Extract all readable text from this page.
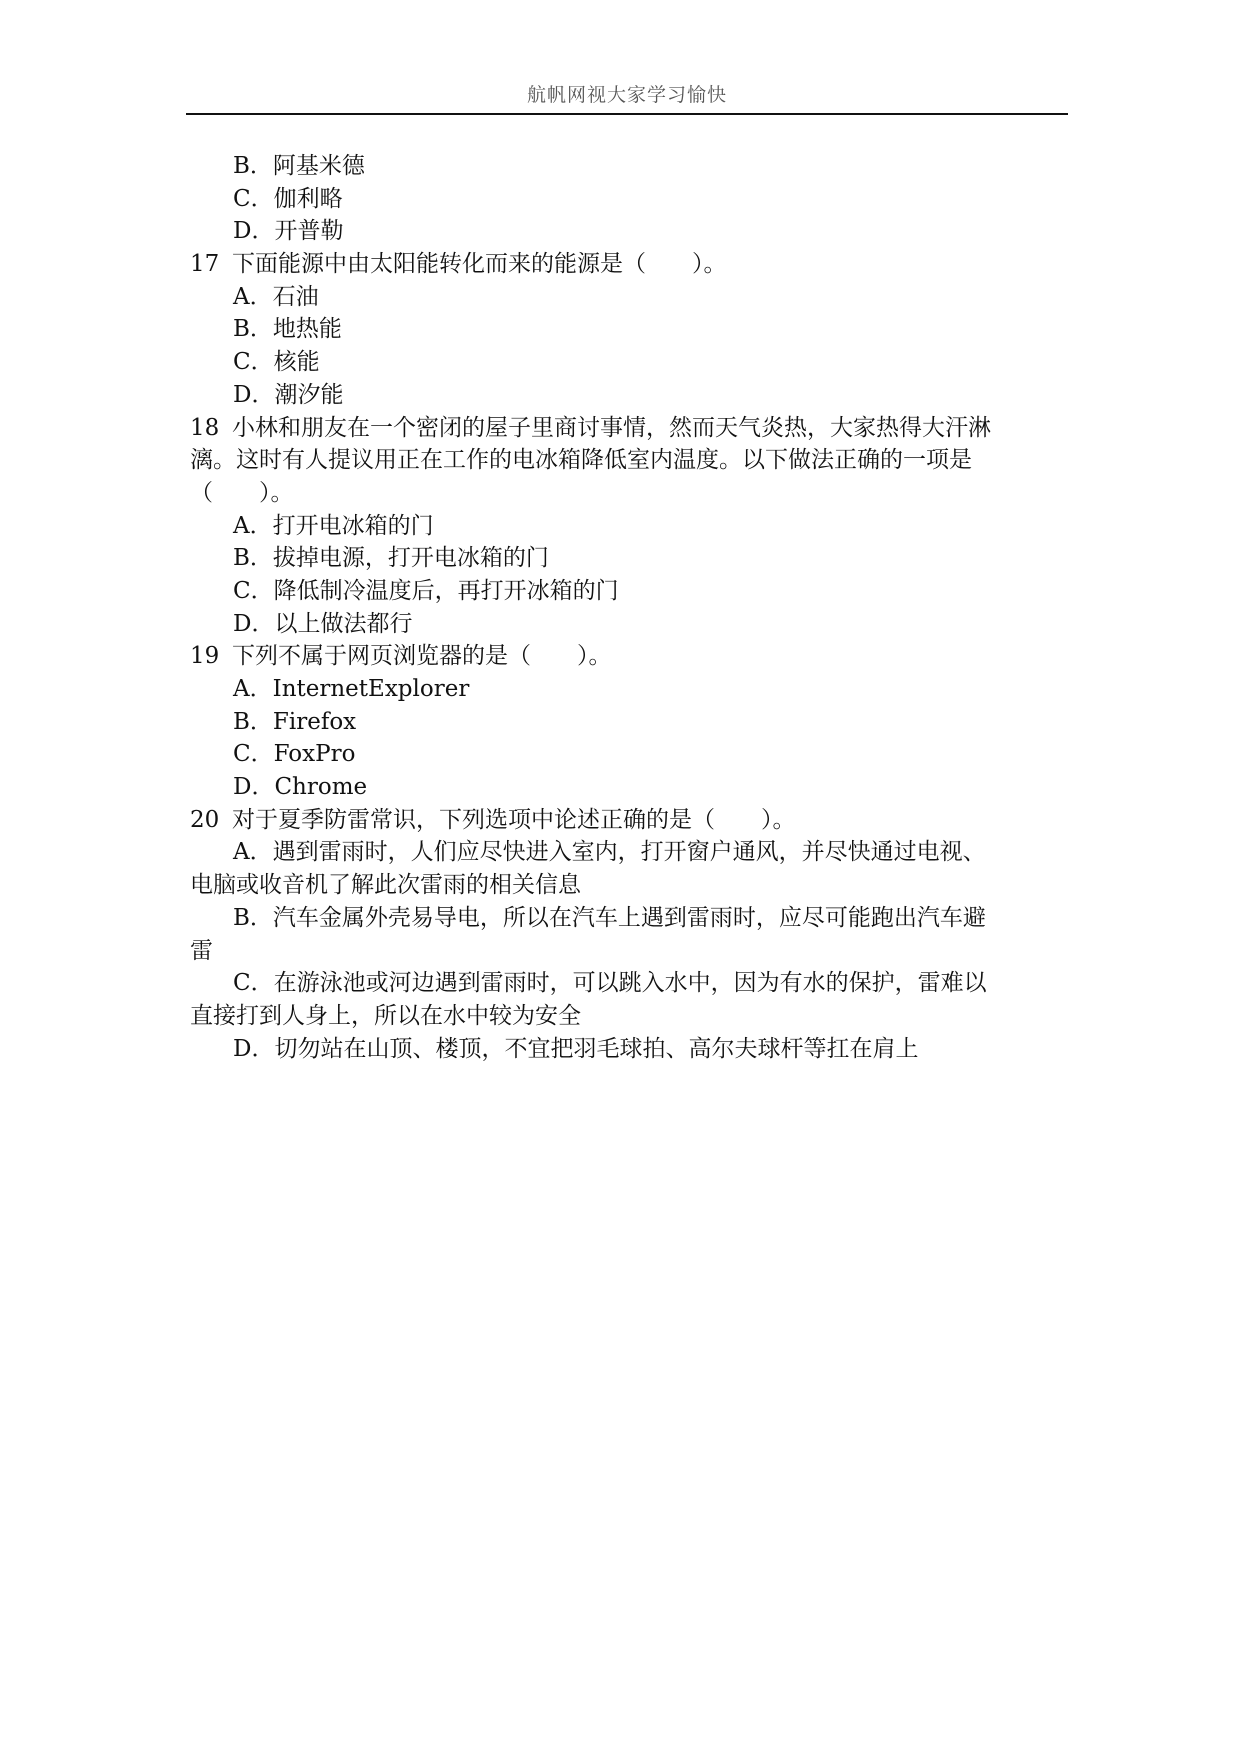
航帆网视大家学习愉快
B．阿基米德
C．伽利略
D．开普勒
17 下面能源中由太阳能转化而来的能源是（　　）。
A．石油
B．地热能
C．核能
D．潮汐能
18 小林和朋友在一个密闭的屋子里商讨事情，然而天气炎热，大家热得大汗淋
漓。这时有人提议用正在工作的电冰箱降低室内温度。以下做法正确的一项是
（　　）。
A．打开电冰箱的门
B．拔掉电源，打开电冰箱的门
C．降低制冷温度后，再打开冰箱的门
D．以上做法都行
19 下列不属于网页浏览器的是（　　）。
A．InternetExplorer
B．Firefox
C．FoxPro
D．Chrome
20 对于夏季防雷常识，下列选项中论述正确的是（　　）。
A．遇到雷雨时，人们应尽快进入室内，打开窗户通风，并尽快通过电视、
电脑或收音机了解此次雷雨的相关信息
B．汽车金属外壳易导电，所以在汽车上遇到雷雨时，应尽可能跑出汽车避
雷
C．在游泳池或河边遇到雷雨时，可以跳入水中，因为有水的保护，雷难以
直接打到人身上，所以在水中较为安全
D．切勿站在山顶、楼顶，不宜把羽毛球拍、高尔夫球杆等扛在肩上
